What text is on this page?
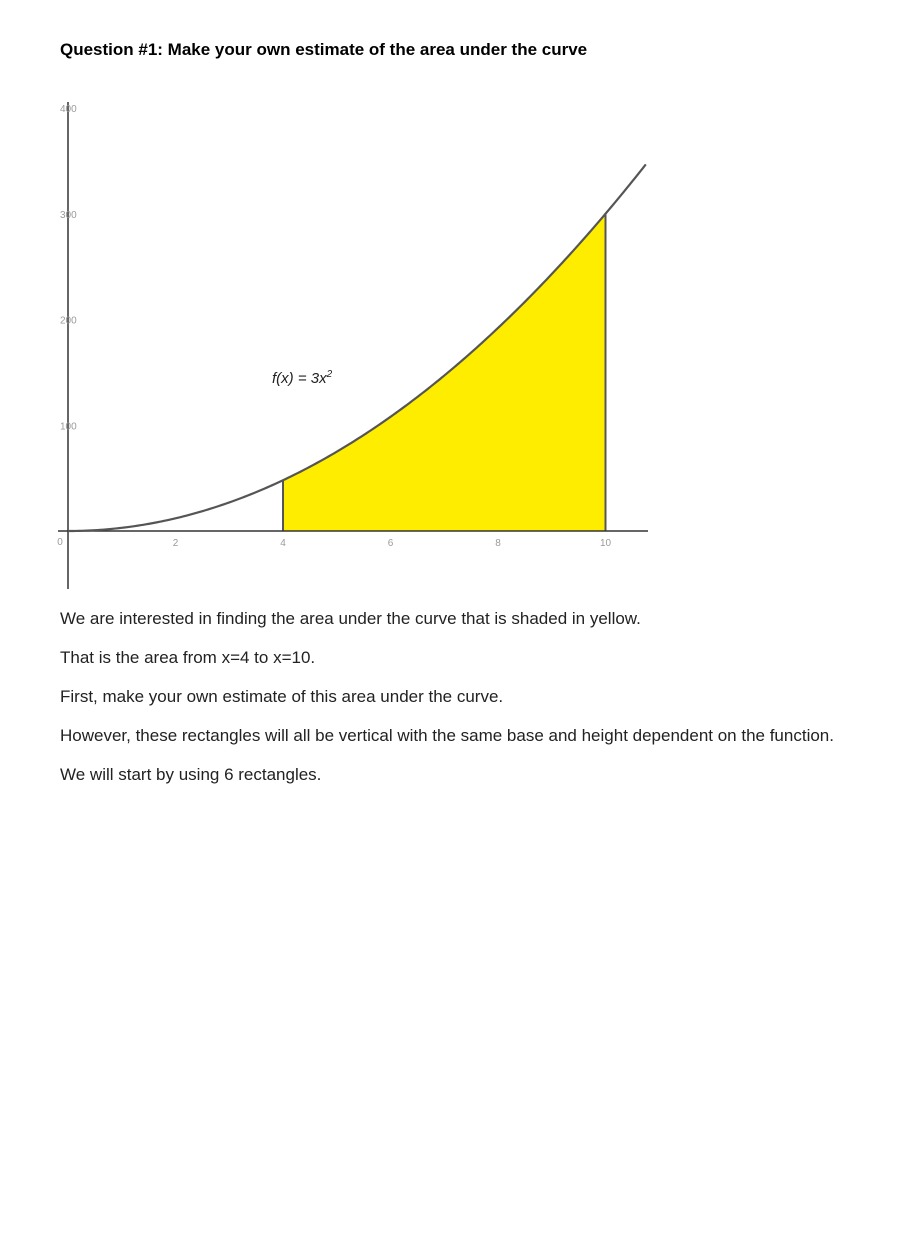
Question #1: Make your own estimate of the area under the curve
0	2	4	6	8	10
100
200
300
400
$f(x) = 3x^2$

We are interested in finding the area under the curve that is shaded in yellow.

That is the area from x=4 to x=10.

First, make your own estimate of this area under the curve.

However, these rectangles will all be vertical with the same base and height dependent on the function.

We will start by using 6 rectangles.
